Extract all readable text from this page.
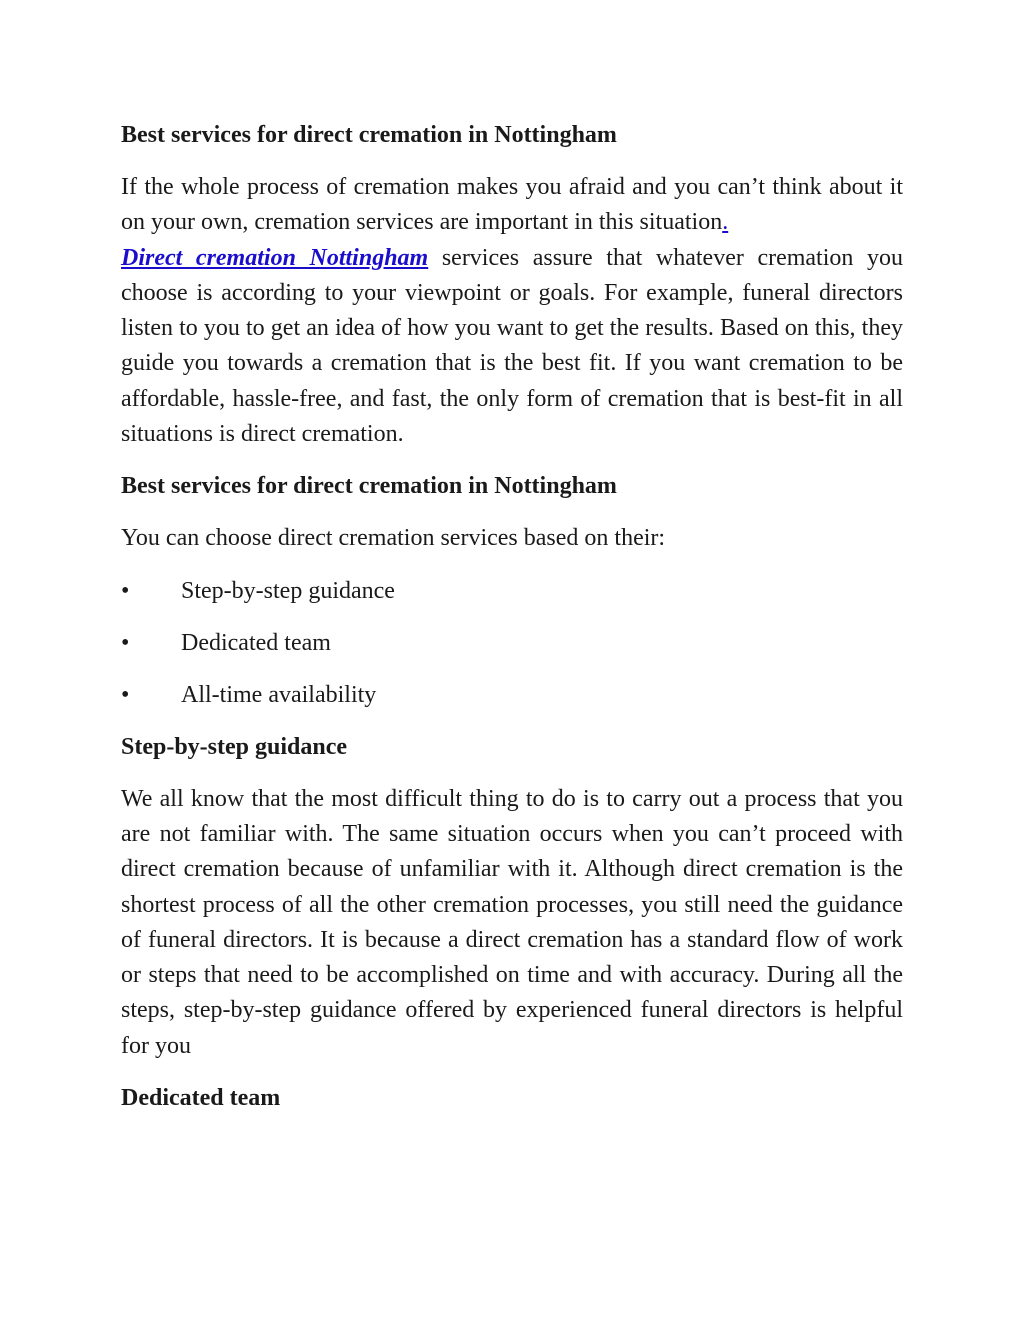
Best services for direct cremation in Nottingham

If the whole process of cremation makes you afraid and you can’t think about it on your own, cremation services are important in this situation.
Direct cremation Nottingham services assure that whatever cremation you choose is according to your viewpoint or goals. For example, funeral directors listen to you to get an idea of how you want to get the results. Based on this, they guide you towards a cremation that is the best fit. If you want cremation to be affordable, hassle-free, and fast, the only form of cremation that is best-fit in all situations is direct cremation.

Best services for direct cremation in Nottingham

You can choose direct cremation services based on their:

• Step-by-step guidance
• Dedicated team
• All-time availability
Step-by-step guidance

We all know that the most difficult thing to do is to carry out a process that you are not familiar with. The same situation occurs when you can’t proceed with direct cremation because of unfamiliar with it. Although direct cremation is the shortest process of all the other cremation processes, you still need the guidance of funeral directors. It is because a direct cremation has a standard flow of work or steps that need to be accomplished on time and with accuracy. During all the steps, step-by-step guidance offered by experienced funeral directors is helpful for you

Dedicated team
